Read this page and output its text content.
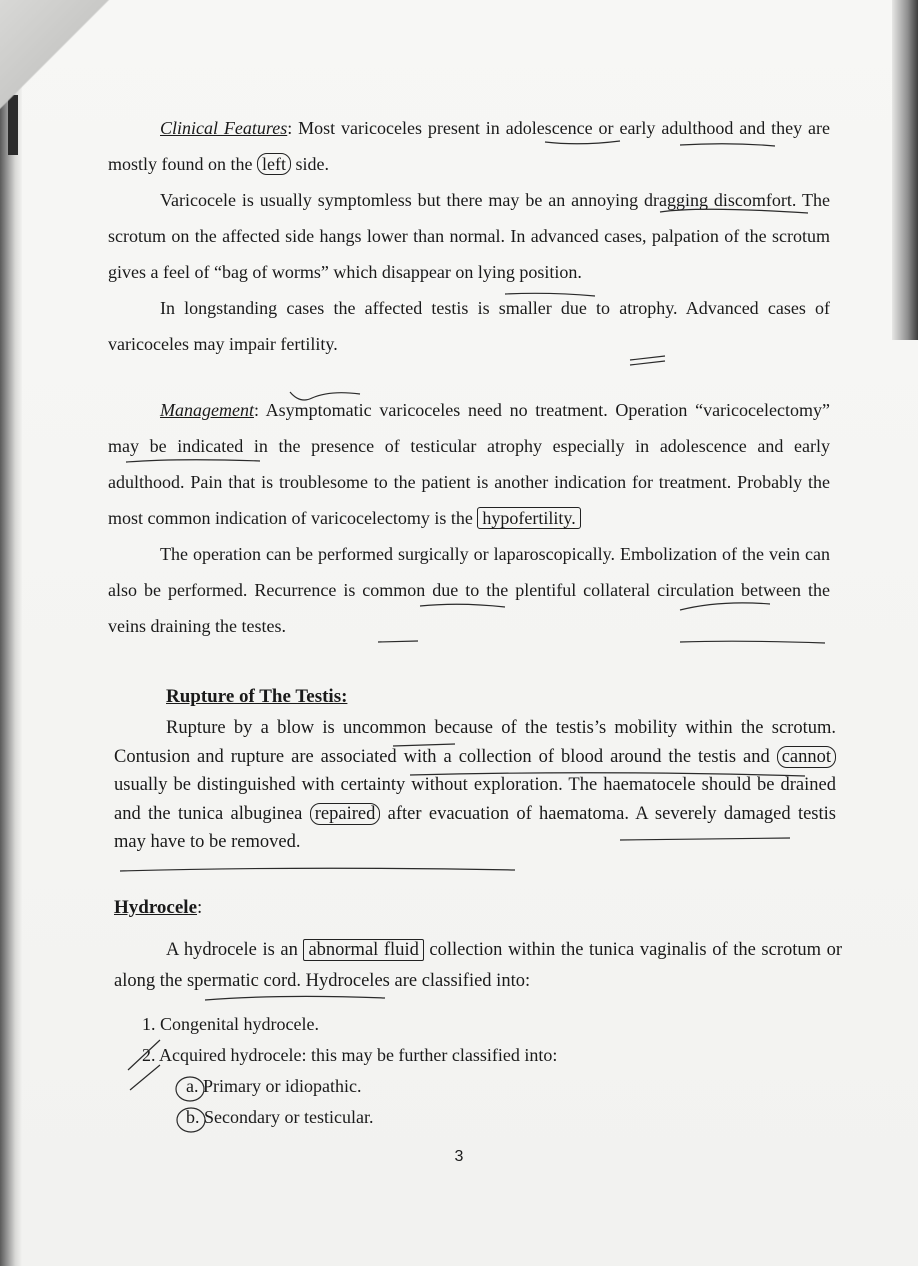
Clinical Features: Most varicoceles present in adolescence or early adulthood and they are mostly found on the left side.

Varicocele is usually symptomless but there may be an annoying dragging discomfort. The scrotum on the affected side hangs lower than normal. In advanced cases, palpation of the scrotum gives a feel of “bag of worms” which disappear on lying position.

In longstanding cases the affected testis is smaller due to atrophy. Advanced cases of varicoceles may impair fertility.

Management: Asymptomatic varicoceles need no treatment. Operation “varicocelectomy” may be indicated in the presence of testicular atrophy especially in adolescence and early adulthood. Pain that is troublesome to the patient is another indication for treatment. Probably the most common indication of varicocelectomy is the hypofertility.

The operation can be performed surgically or laparoscopically. Embolization of the vein can also be performed. Recurrence is common due to the plentiful collateral circulation between the veins draining the testes.

Rupture of The Testis:

Rupture by a blow is uncommon because of the testis’s mobility within the scrotum. Contusion and rupture are associated with a collection of blood around the testis and cannot usually be distinguished with certainty without exploration. The haematocele should be drained and the tunica albuginea repaired after evacuation of haematoma. A severely damaged testis may have to be removed.

Hydrocele:

A hydrocele is an abnormal fluid collection within the tunica vaginalis of the scrotum or along the spermatic cord. Hydroceles are classified into:

1. Congenital hydrocele.
2. Acquired hydrocele: this may be further classified into:
a. Primary or idiopathic.
b. Secondary or testicular.
3
